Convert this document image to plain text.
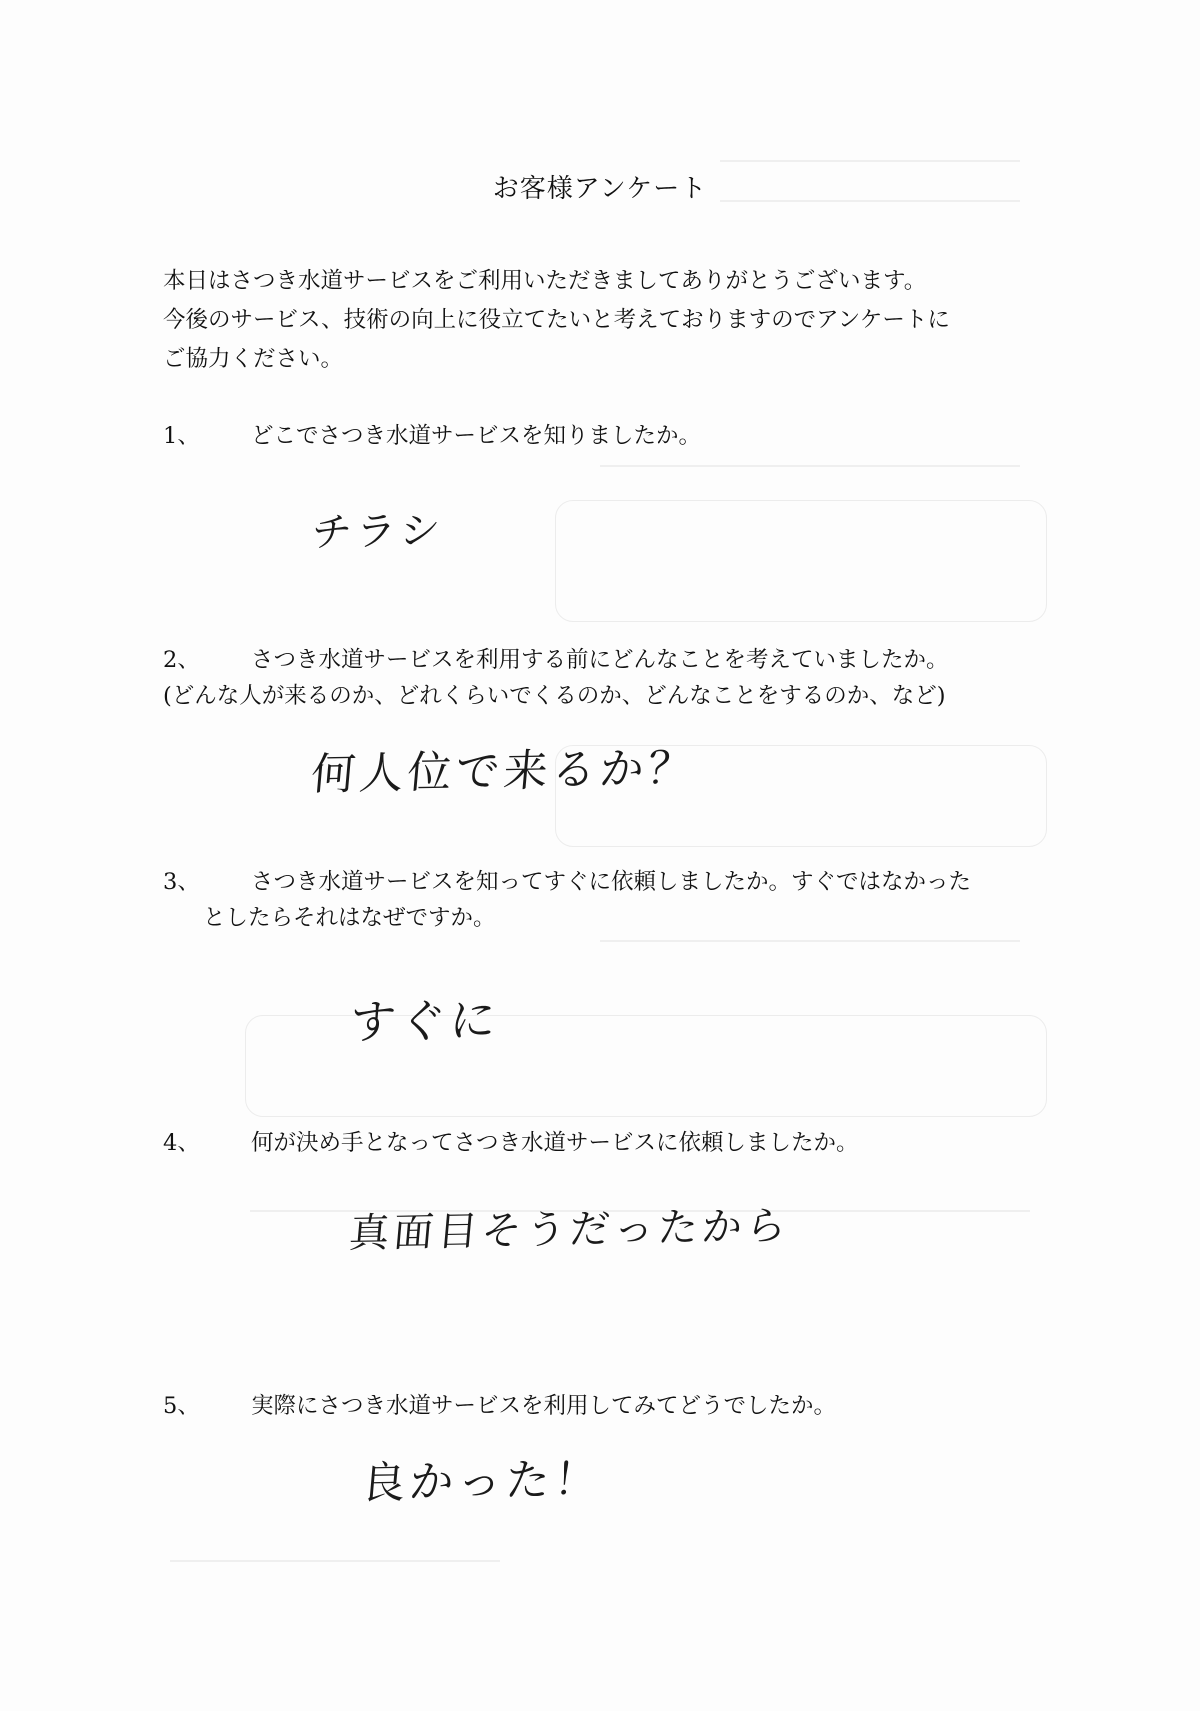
お客様アンケート
本日はさつき水道サービスをご利用いただきましてありがとうございます。
今後のサービス、技術の向上に役立てたいと考えておりますのでアンケートに
ご協力ください。
1、 どこでさつき水道サービスを知りましたか。
チラシ
2、 さつき水道サービスを利用する前にどんなことを考えていましたか。
(どんな人が来るのか、どれくらいでくるのか、どんなことをするのか、など)
何人位で来るか？
3、 さつき水道サービスを知ってすぐに依頼しましたか。すぐではなかった
としたらそれはなぜですか。
すぐに
4、 何が決め手となってさつき水道サービスに依頼しましたか。
真面目そうだったから
5、 実際にさつき水道サービスを利用してみてどうでしたか。
良かった！
